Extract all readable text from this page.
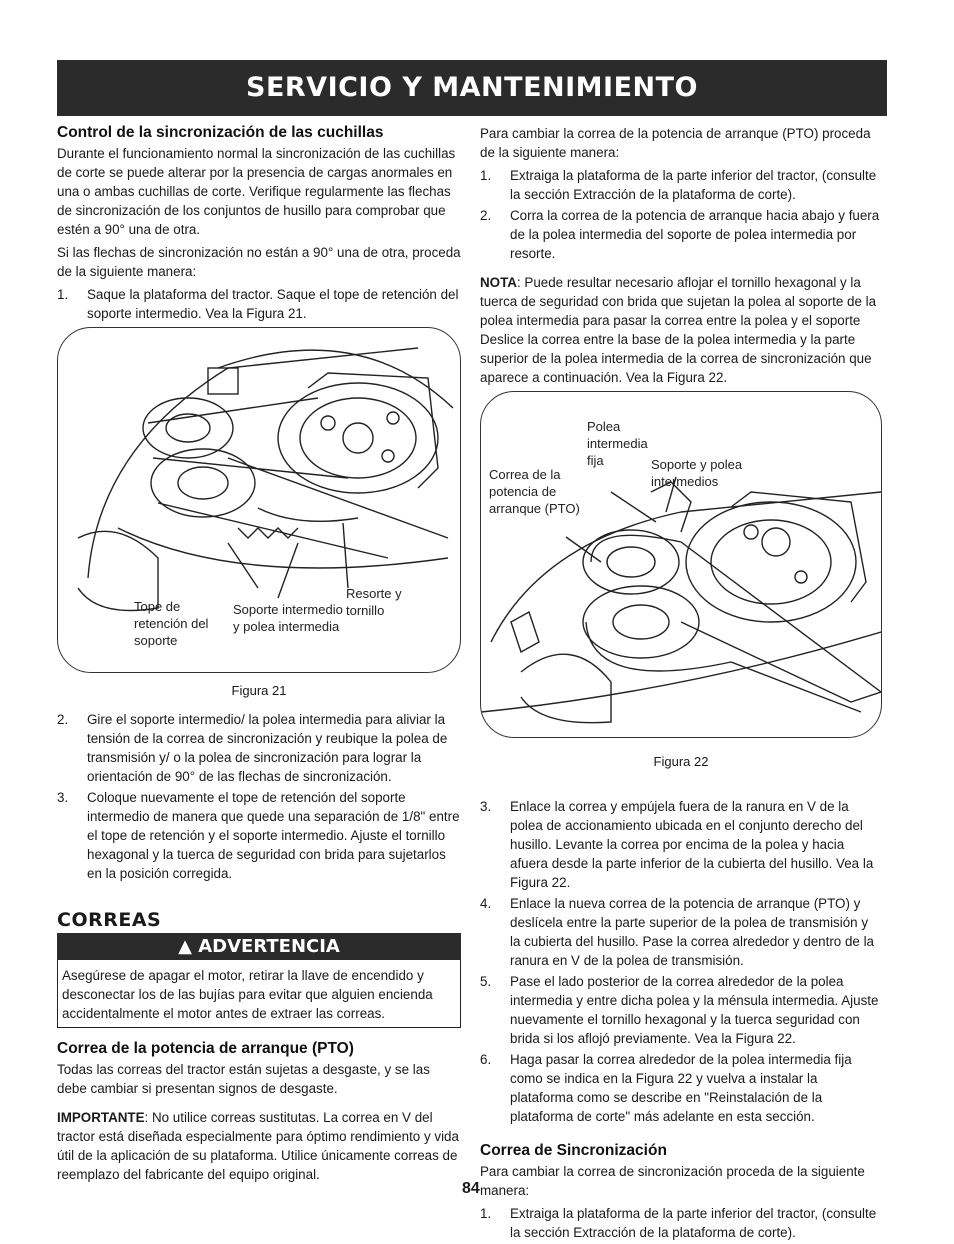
SERVICIO Y MANTENIMIENTO
Control de la sincronización de las cuchillas

Durante el funcionamiento normal la sincronización de las cuchillas de corte se puede alterar por la presencia de cargas anormales en una o ambas cuchillas de corte. Verifique regularmente las flechas de sincronización de los conjuntos de husillo para comprobar que estén a 90° una de otra.

Si las flechas de sincronización no están a 90° una de otra, proceda de la siguiente manera:

1. Saque la plataforma del tractor. Saque el tope de retención del soporte intermedio. Vea la Figura 21.
Tope de
retención del
soporte
Soporte intermedio
y polea intermedia
Resorte y
tornillo
Figura 21
2. Gire el soporte intermedio/ la polea intermedia para aliviar la tensión de la correa de sincronización y reubique la polea de transmisión y/ o la polea de sincronización para lograr la orientación de 90° de las flechas de sincronización.
3. Coloque nuevamente el tope de retención del soporte intermedio de manera que quede una separación de 1/8" entre el tope de retención y el soporte intermedio. Ajuste el tornillo hexagonal y la tuerca de seguridad con brida para sujetarlos en la posición corregida.
CORREAS
▲ ADVERTENCIA
Asegúrese de apagar el motor, retirar la llave de encendido y desconectar los de las bujías para evitar que alguien encienda accidentalmente el motor antes de extraer las correas.
Correa de la potencia de arranque (PTO)

Todas las correas del tractor están sujetas a desgaste, y se las debe cambiar si presentan signos de desgaste.

IMPORTANTE: No utilice correas sustitutas. La correa en V del tractor está diseñada especialmente para óptimo rendimiento y vida útil de la aplicación de su plataforma. Utilice únicamente correas de reemplazo del fabricante del equipo original.

Para cambiar la correa de la potencia de arranque (PTO) proceda de la siguiente manera:

1. Extraiga la plataforma de la parte inferior del tractor, (consulte la sección Extracción de la plataforma de corte).
2. Corra la correa de la potencia de arranque hacia abajo y fuera de la polea intermedia del soporte de polea intermedia por resorte.

NOTA: Puede resultar necesario aflojar el tornillo hexagonal y la tuerca de seguridad con brida que sujetan la polea al soporte de la polea intermedia para pasar la correa entre la polea y el soporte Deslice la correa entre la base de la polea intermedia y la parte superior de la polea intermedia de la correa de sincronización que aparece a continuación. Vea la Figura 22.

Polea
intermedia
fija
Correa de la
potencia de
arranque (PTO)
Soporte y polea
intermedios
Figura 22
3. Enlace la correa y empújela fuera de la ranura en V de la polea de accionamiento ubicada en el conjunto derecho del husillo. Levante la correa por encima de la polea y hacia afuera desde la parte inferior de la cubierta del husillo. Vea la Figura 22.
4. Enlace la nueva correa de la potencia de arranque (PTO) y deslícela entre la parte superior de la polea de transmisión y la cubierta del husillo. Pase la correa alrededor y dentro de la ranura en V de la polea de transmisión.
5. Pase el lado posterior de la correa alrededor de la polea intermedia y entre dicha polea y la ménsula intermedia. Ajuste nuevamente el tornillo hexagonal y la tuerca seguridad con brida si los aflojó previamente. Vea la Figura 22.
6. Haga pasar la correa alrededor de la polea intermedia fija como se indica en la Figura 22 y vuelva a instalar la plataforma como se describe en "Reinstalación de la plataforma de corte" más adelante en esta sección.
Correa de Sincronización

Para cambiar la correa de sincronización proceda de la siguiente manera:

1. Extraiga la plataforma de la parte inferior del tractor, (consulte la sección Extracción de la plataforma de corte).
84
